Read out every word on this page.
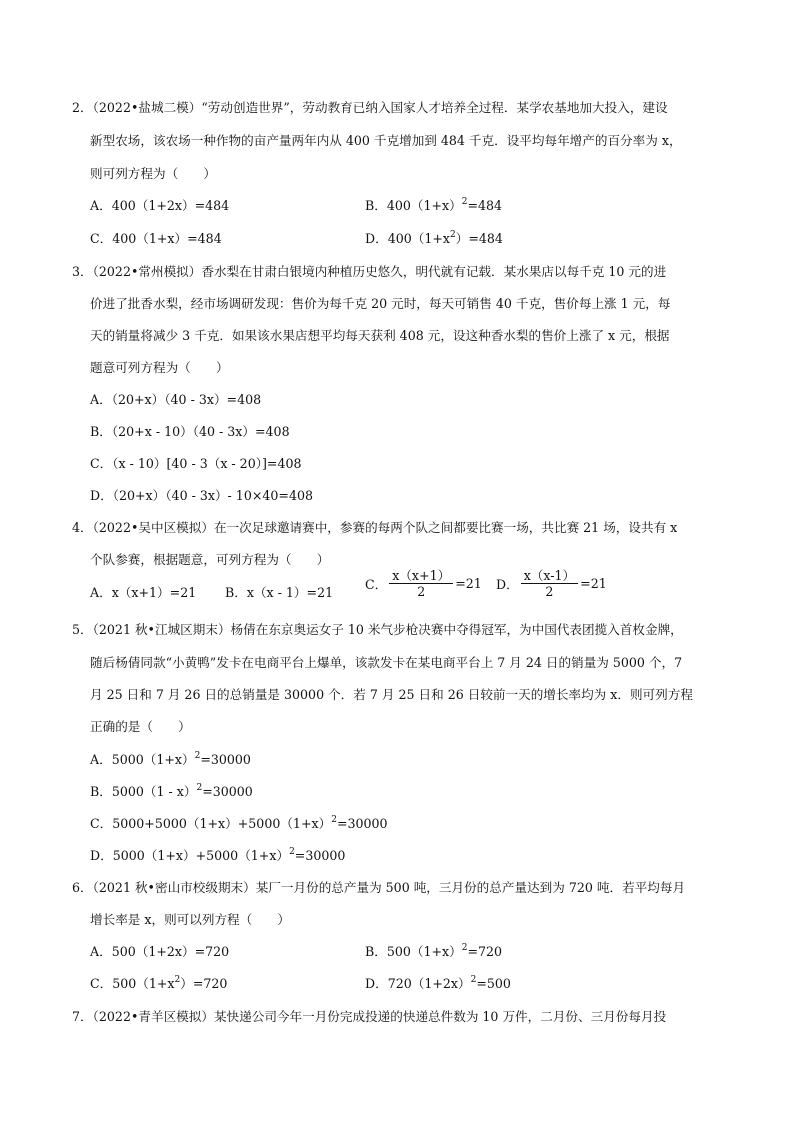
2．（2022•盐城二模）“劳动创造世界”，劳动教育已纳入国家人才培养全过程．某学农基地加大投入，建设
新型农场，该农场一种作物的亩产量两年内从 400 千克增加到 484 千克．设平均每年增产的百分率为 x，
则可列方程为（　　）
A．400（1+2x）=484	B．$400(1+x)^2=484$
C．400（1+x）=484	D．$400(1+x^2)=484$
3．（2022•常州模拟）香水梨在甘肃白银境内种植历史悠久，明代就有记载．某水果店以每千克 10 元的进
价进了批香水梨，经市场调研发现：售价为每千克 20 元时，每天可销售 40 千克，售价每上涨 1 元，每
天的销量将减少 3 千克．如果该水果店想平均每天获利 408 元，设这种香水梨的售价上涨了 x 元，根据
题意可列方程为（　　）
A．（20+x）（40 - 3x）=408
B．（20+x - 10）（40 - 3x）=408
C．（x - 10）[40 - 3（x - 20）]=408
D．（20+x）（40 - 3x）- 10×40=408
4．（2022•吴中区模拟）在一次足球邀请赛中，参赛的每两个队之间都要比赛一场，共比赛 21 场，设共有 x
个队参赛，根据题意，可列方程为（　　）
A．x（x+1）=21 B．x（x - 1）=21
C． $\frac{x(x+1)}{2} =21$ D． $\frac{x(x-1)}{2} =21$
5．（2021 秋•江城区期末）杨倩在东京奥运女子 10 米气步枪决赛中夺得冠军，为中国代表团揽入首枚金牌，
随后杨倩同款“小黄鸭”发卡在电商平台上爆单，该款发卡在某电商平台上 7 月 24 日的销量为 5000 个，7
月 25 日和 7 月 26 日的总销量是 30000 个．若 7 月 25 日和 26 日较前一天的增长率均为 x．则可列方程
正确的是（　　）
A．$5000(1+x)^2=30000$
B．5000（1 - x）$^2$=30000
C．$5000+5000(1+x)+5000(1+x)^2=30000$
D．$5000(1+x)+5000(1+x)^2=30000$
6．（2021 秋•密山市校级期末）某厂一月份的总产量为 500 吨，三月份的总产量达到为 720 吨．若平均每月
增长率是 x，则可以列方程（　　）
A．500（1+2x）=720	B．$500(1+x)^2=720$
C．$500(1+x^2)=720$	D．$720(1+2x)^2=500$
7．（2022•青羊区模拟）某快递公司今年一月份完成投递的快递总件数为 10 万件，二月份、三月份每月投
